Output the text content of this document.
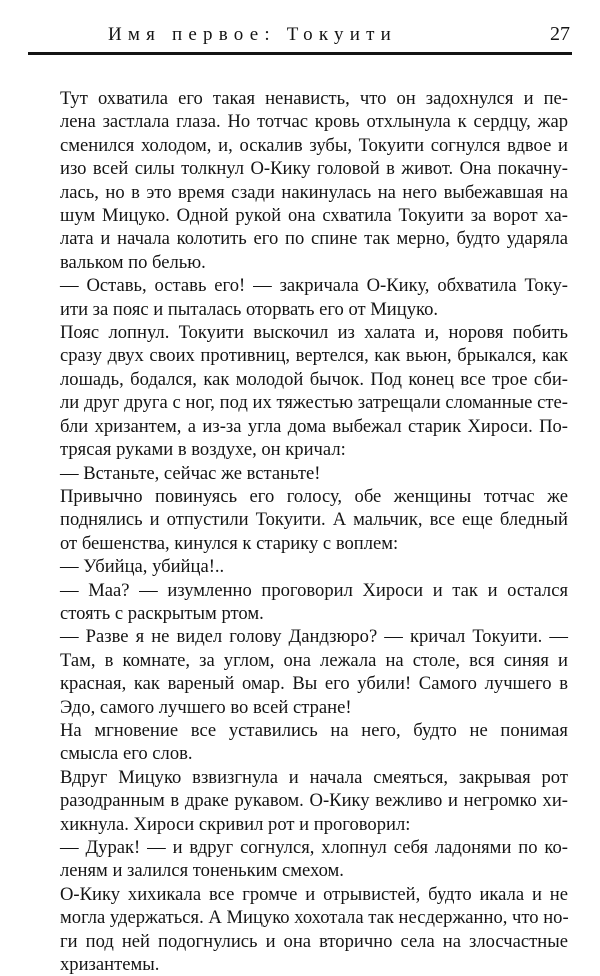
Имя первое: Токуити	27

Тут охватила его такая ненависть, что он задохнулся и пе-
лена застлала глаза. Но тотчас кровь отхлынула к сердцу, жар
сменился холодом, и, оскалив зубы, Токуити согнулся вдвое и
изо всей силы толкнул О-Кику головой в живот. Она покачну-
лась, но в это время сзади накинулась на него выбежавшая на
шум Мицуко. Одной рукой она схватила Токуити за ворот ха-
лата и начала колотить его по спине так мерно, будто ударяла
вальком по белью.

— Оставь, оставь его! — закричала О-Кику, обхватила Току-
ити за пояс и пыталась оторвать его от Мицуко.

Пояс лопнул. Токуити выскочил из халата и, норовя побить
сразу двух своих противниц, вертелся, как вьюн, брыкался, как
лошадь, бодался, как молодой бычок. Под конец все трое сби-
ли друг друга с ног, под их тяжестью затрещали сломанные сте-
бли хризантем, а из-за угла дома выбежал старик Хироси. По-
трясая руками в воздухе, он кричал:

— Встаньте, сейчас же встаньте!

Привычно повинуясь его голосу, обе женщины тотчас же
поднялись и отпустили Токуити. А мальчик, все еще бледный
от бешенства, кинулся к старику с воплем:

— Убийца, убийца!..

— Маа? — изумленно проговорил Хироси и так и остался
стоять с раскрытым ртом.

— Разве я не видел голову Дандзюро? — кричал Токуити. —
Там, в комнате, за углом, она лежала на столе, вся синяя и
красная, как вареный омар. Вы его убили! Самого лучшего в
Эдо, самого лучшего во всей стране!

На мгновение все уставились на него, будто не понимая
смысла его слов.

Вдруг Мицуко взвизгнула и начала смеяться, закрывая рот
разодранным в драке рукавом. О-Кику вежливо и негромко хи-
хикнула. Хироси скривил рот и проговорил:

— Дурак! — и вдруг согнулся, хлопнул себя ладонями по ко-
леням и залился тоненьким смехом.

О-Кику хихикала все громче и отрывистей, будто икала и не
могла удержаться. А Мицуко хохотала так несдержанно, что но-
ги под ней подогнулись и она вторично села на злосчастные
хризантемы.
